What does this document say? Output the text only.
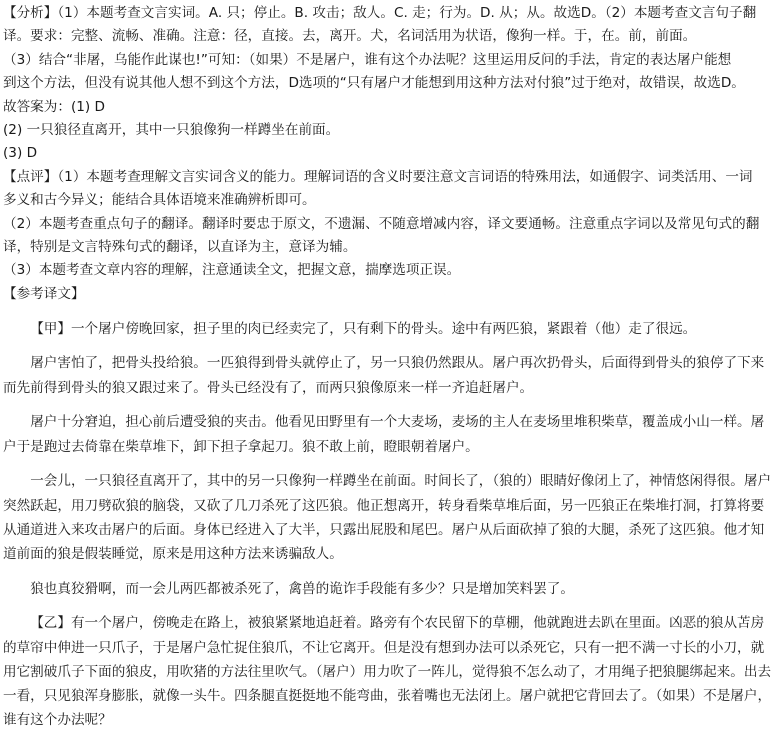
【分析】（1）本题考查文言实词。A. 只；停止。B. 攻击；敌人。C. 走；行为。D. 从；从。故选D。（2）本题考查文言句子翻
译。要求：完整、流畅、准确。注意：径，直接。去，离开。犬，名词活用为状语，像狗一样。于，在。前，前面。
（3）结合“非屠，乌能作此谋也!”可知：（如果）不是屠户，谁有这个办法呢？这里运用反问的手法，肯定的表达屠户能想
到这个方法，但没有说其他人想不到这个方法，D选项的“只有屠户才能想到用这种方法对付狼”过于绝对，故错误，故选D。
故答案为：(1) D
(2) 一只狼径直离开，其中一只狼像狗一样蹲坐在前面。
(3) D
【点评】（1）本题考查理解文言实词含义的能力。理解词语的含义时要注意文言词语的特殊用法，如通假字、词类活用、一词
多义和古今异义；能结合具体语境来准确辨析即可。
（2）本题考查重点句子的翻译。翻译时要忠于原文，不遗漏、不随意增减内容，译文要通畅。注意重点字词以及常见句式的翻
译，特别是文言特殊句式的翻译，以直译为主，意译为辅。
（3）本题考查文章内容的理解，注意通读全文，把握文意，揣摩选项正误。
【参考译文】

【甲】一个屠户傍晚回家，担子里的肉已经卖完了，只有剩下的骨头。途中有两匹狼，紧跟着（他）走了很远。

屠户害怕了，把骨头投给狼。一匹狼得到骨头就停止了，另一只狼仍然跟从。屠户再次扔骨头，后面得到骨头的狼停了下来而先前得到骨头的狼又跟过来了。骨头已经没有了，而两只狼像原来一样一齐追赶屠户。

屠户十分窘迫，担心前后遭受狼的夹击。他看见田野里有一个大麦场，麦场的主人在麦场里堆积柴草，覆盖成小山一样。屠户于是跑过去倚靠在柴草堆下，卸下担子拿起刀。狼不敢上前，瞪眼朝着屠户。

一会儿，一只狼径直离开了，其中的另一只像狗一样蹲坐在前面。时间长了，（狼的）眼睛好像闭上了，神情悠闲得很。屠户突然跃起，用刀劈砍狼的脑袋，又砍了几刀杀死了这匹狼。他正想离开，转身看柴草堆后面，另一匹狼正在柴堆打洞，打算将要从通道进入来攻击屠户的后面。身体已经进入了大半，只露出屁股和尾巴。屠户从后面砍掉了狼的大腿，杀死了这匹狼。他才知道前面的狼是假装睡觉，原来是用这种方法来诱骗敌人。

狼也真狡猾啊，而一会儿两匹都被杀死了，禽兽的诡诈手段能有多少？只是增加笑料罢了。

【乙】有一个屠户，傍晚走在路上，被狼紧紧地追赶着。路旁有个农民留下的草棚，他就跑进去趴在里面。凶恶的狼从苫房的草帘中伸进一只爪子，于是屠户急忙捉住狼爪，不让它离开。但是没有想到办法可以杀死它，只有一把不满一寸长的小刀，就用它割破爪子下面的狼皮，用吹猪的方法往里吹气。（屠户）用力吹了一阵儿，觉得狼不怎么动了，才用绳子把狼腿绑起来。出去一看，只见狼浑身膨胀，就像一头牛。四条腿直挺挺地不能弯曲，张着嘴也无法闭上。屠户就把它背回去了。（如果）不是屠户，谁有这个办法呢？
